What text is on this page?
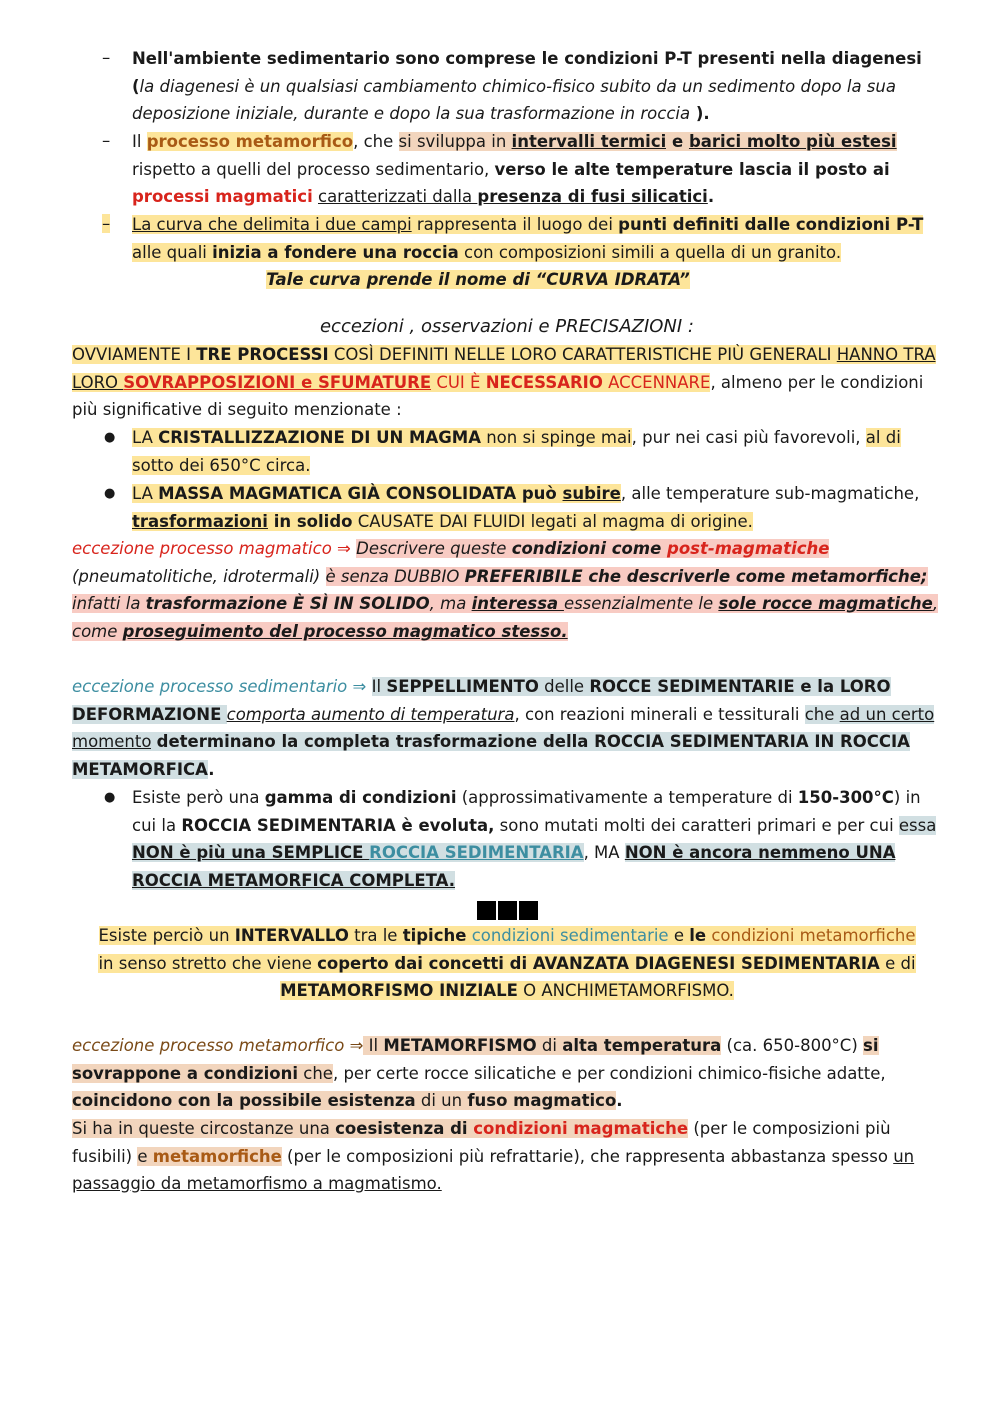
– Nell'ambiente sedimentario sono comprese le condizioni P-T presenti nella diagenesi (la diagenesi è un qualsiasi cambiamento chimico-fisico subito da un sedimento dopo la sua deposizione iniziale, durante e dopo la sua trasformazione in roccia ).
– Il processo metamorfico, che si sviluppa in intervalli termici e barici molto più estesi rispetto a quelli del processo sedimentario, verso le alte temperature lascia il posto ai
processi magmatici caratterizzati dalla presenza di fusi silicatici.
– La curva che delimita i due campi rappresenta il luogo dei punti definiti dalle condizioni P-T
alle quali inizia a fondere una roccia con composizioni simili a quella di un granito.

Tale curva prende il nome di “CURVA IDRATA”
eccezioni , osservazioni e PRECISAZIONI :
OVVIAMENTE I TRE PROCESSI COSÌ DEFINITI NELLE LORO CARATTERISTICHE PIÙ GENERALI HANNO TRA LORO SOVRAPPOSIZIONI e SFUMATURE CUI È NECESSARIO ACCENNARE, almeno per le condizioni più significative di seguito menzionate :
● LA CRISTALLIZZAZIONE DI UN MAGMA non si spinge mai, pur nei casi più favorevoli, al di sotto dei 650°C circa.
● LA MASSA MAGMATICA GIÀ CONSOLIDATA può subire, alle temperature sub-magmatiche,
trasformazioni in solido CAUSATE DAI FLUIDI legati al magma di origine.
eccezione processo magmatico ⇒ Descrivere queste condizioni come post-magmatiche
(pneumatolitiche, idrotermali) è senza DUBBIO PREFERIBILE che descriverle come metamorfiche;
infatti la trasformazione È SÌ IN SOLIDO, ma interessa essenzialmente le sole rocce magmatiche,
come proseguimento del processo magmatico stesso.
eccezione processo sedimentario ⇒ Il SEPPELLIMENTO delle ROCCE SEDIMENTARIE e la LORO DEFORMAZIONE comporta aumento di temperatura, con reazioni minerali e tessiturali che ad un certo momento determinano la completa trasformazione della ROCCIA SEDIMENTARIA IN ROCCIA METAMORFICA.
● Esiste però una gamma di condizioni (approssimativamente a temperature di 150-300°C) in cui la ROCCIA SEDIMENTARIA è evoluta, sono mutati molti dei caratteri primari e per cui essa NON è più una SEMPLICE ROCCIA SEDIMENTARIA, MA NON è ancora nemmeno UNA ROCCIA METAMORFICA COMPLETA.
Esiste perciò un INTERVALLO tra le tipiche condizioni sedimentarie e le condizioni metamorfiche
in senso stretto che viene coperto dai concetti di AVANZATA DIAGENESI SEDIMENTARIA e di
METAMORFISMO INIZIALE O ANCHIMETAMORFISMO.
eccezione processo metamorfico ⇒ Il METAMORFISMO di alta temperatura (ca. 650-800°C) si sovrappone a condizioni che, per certe rocce silicatiche e per condizioni chimico-fisiche adatte, coincidono con la possibile esistenza di un fuso magmatico.
Si ha in queste circostanze una coesistenza di condizioni magmatiche (per le composizioni più fusibili) e metamorfiche (per le composizioni più refrattarie), che rappresenta abbastanza spesso un passaggio da metamorfismo a magmatismo.
